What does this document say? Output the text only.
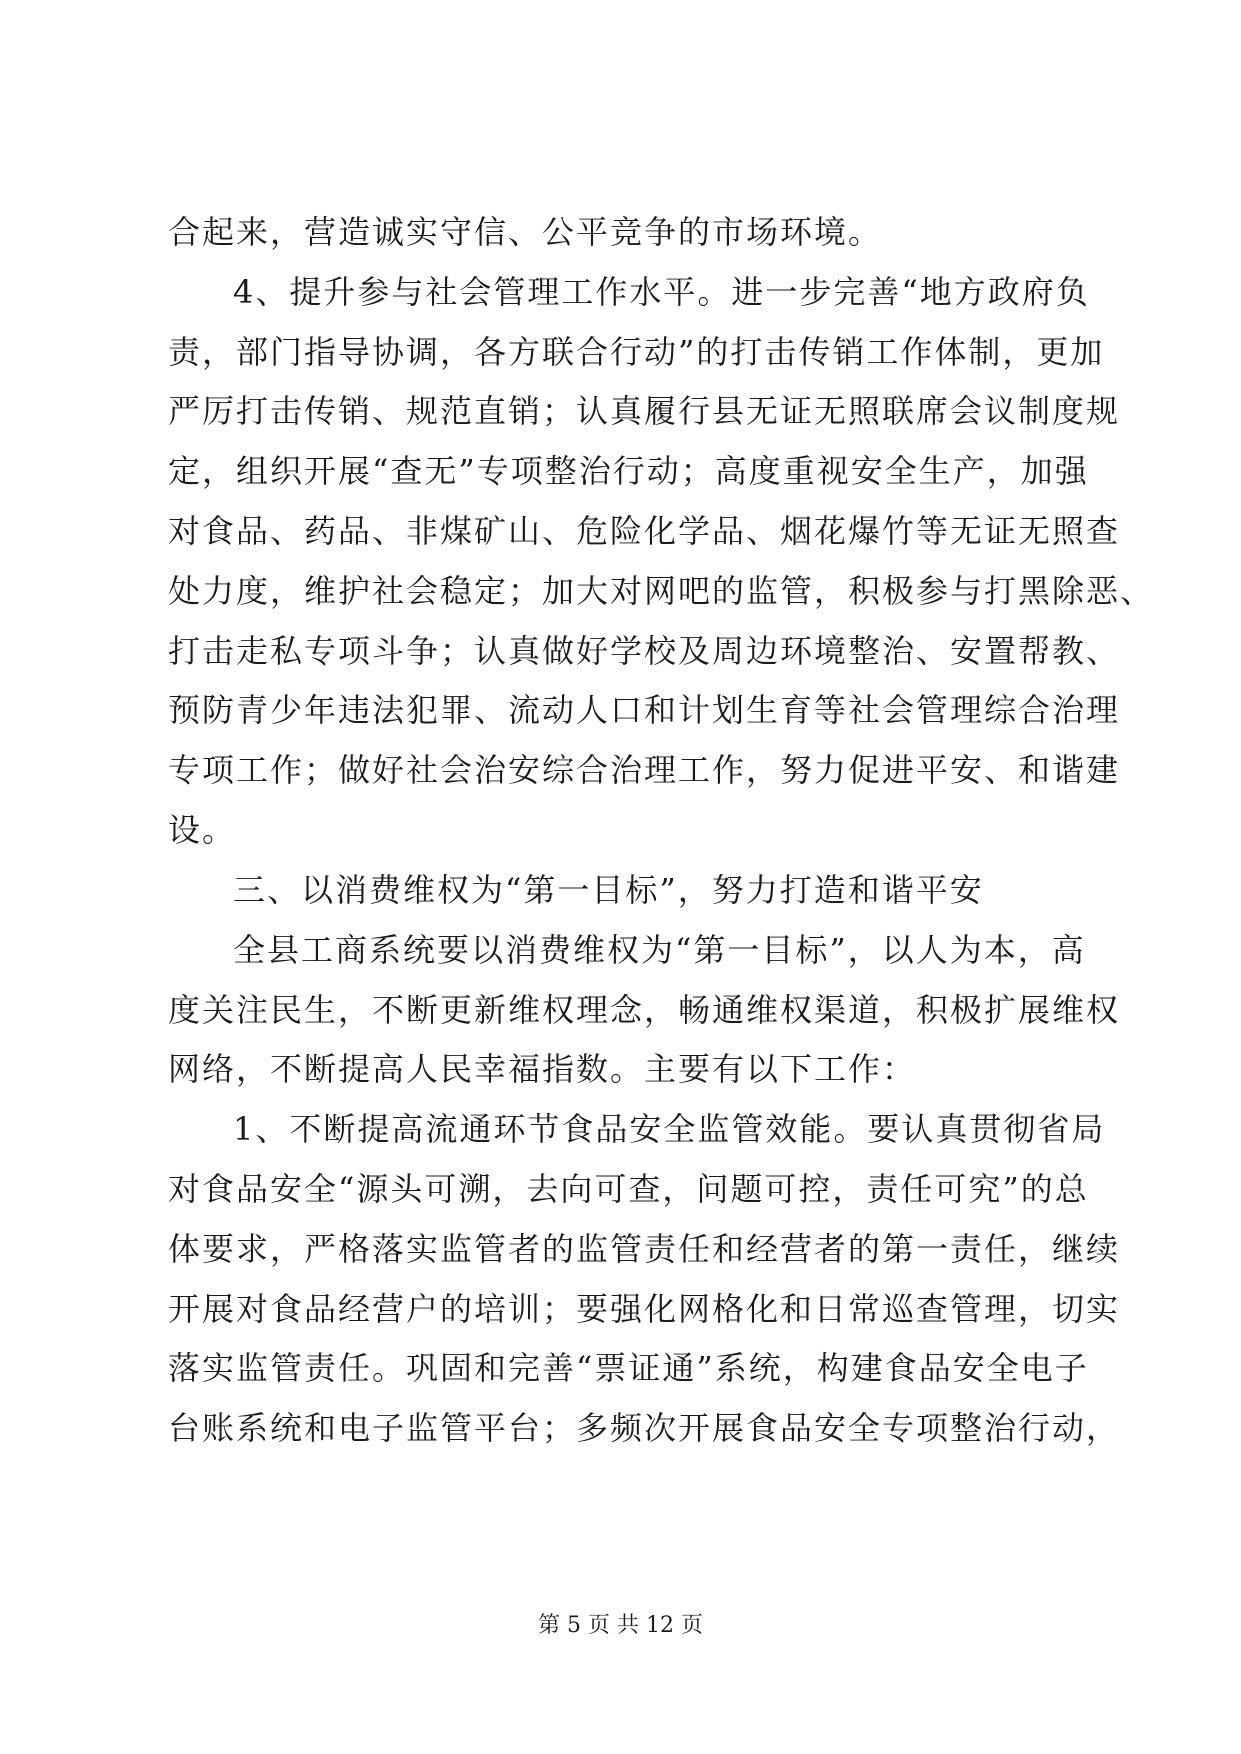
合起来，营造诚实守信、公平竞争的市场环境。
4、提升参与社会管理工作水平。进一步完善“地方政府负
责，部门指导协调，各方联合行动”的打击传销工作体制，更加
严厉打击传销、规范直销；认真履行县无证无照联席会议制度规
定，组织开展“查无”专项整治行动；高度重视安全生产，加强
对食品、药品、非煤矿山、危险化学品、烟花爆竹等无证无照查
处力度，维护社会稳定；加大对网吧的监管，积极参与打黑除恶、
打击走私专项斗争；认真做好学校及周边环境整治、安置帮教、
预防青少年违法犯罪、流动人口和计划生育等社会管理综合治理
专项工作；做好社会治安综合治理工作，努力促进平安、和谐建
设。
三、以消费维权为“第一目标”，努力打造和谐平安
全县工商系统要以消费维权为“第一目标”，以人为本，高
度关注民生，不断更新维权理念，畅通维权渠道，积极扩展维权
网络，不断提高人民幸福指数。主要有以下工作：
1、不断提高流通环节食品安全监管效能。要认真贯彻省局
对食品安全“源头可溯，去向可查，问题可控，责任可究”的总
体要求，严格落实监管者的监管责任和经营者的第一责任，继续
开展对食品经营户的培训；要强化网格化和日常巡查管理，切实
落实监管责任。巩固和完善“票证通”系统，构建食品安全电子
台账系统和电子监管平台；多频次开展食品安全专项整治行动，
第 5 页 共 12 页
